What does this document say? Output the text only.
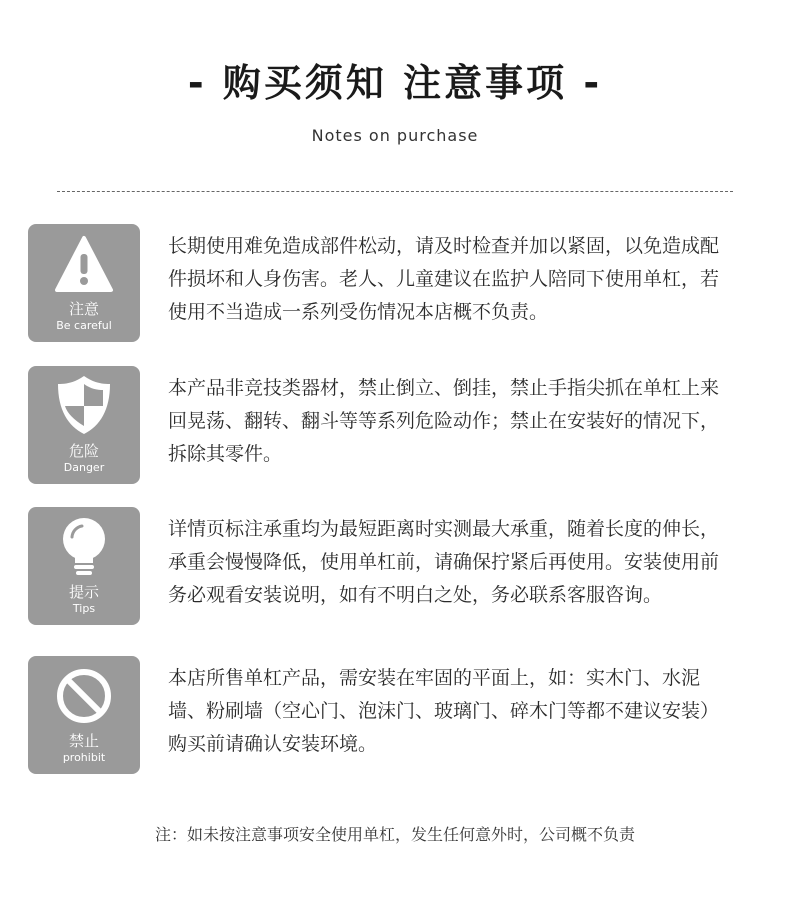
- 购买须知 注意事项 -
Notes on purchase
注意
Be careful
长期使用难免造成部件松动，请及时检查并加以紧固，以免造成配件损坏和人身伤害。老人、儿童建议在监护人陪同下使用单杠，若使用不当造成一系列受伤情况本店概不负责。
危险
Danger
本产品非竞技类器材，禁止倒立、倒挂，禁止手指尖抓在单杠上来回晃荡、翻转、翻斗等等系列危险动作；禁止在安装好的情况下，拆除其零件。
提示
Tips
详情页标注承重均为最短距离时实测最大承重，随着长度的伸长，承重会慢慢降低，使用单杠前，请确保拧紧后再使用。安装使用前务必观看安装说明，如有不明白之处，务必联系客服咨询。
禁止
prohibit
本店所售单杠产品，需安装在牢固的平面上，如：实木门、水泥墙、粉刷墙（空心门、泡沫门、玻璃门、碎木门等都不建议安装）购买前请确认安装环境。
注：如未按注意事项安全使用单杠，发生任何意外时，公司概不负责
